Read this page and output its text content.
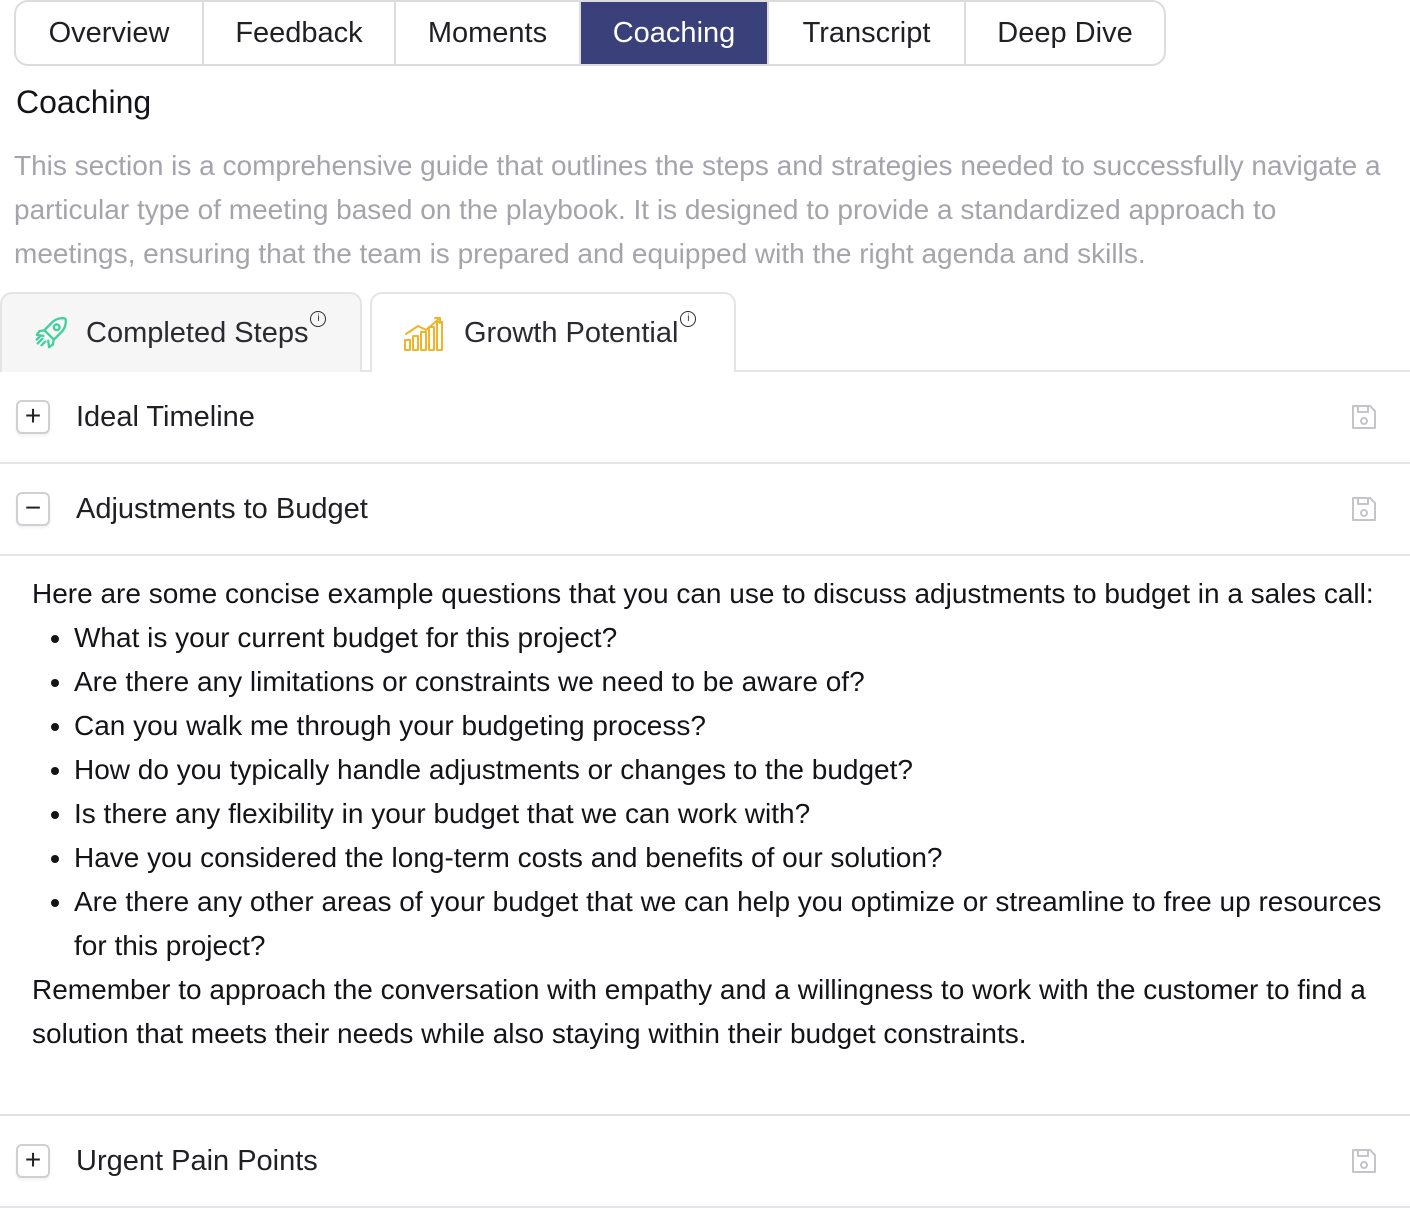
Overview	Feedback	Moments	Coaching	Transcript	Deep Dive
Coaching

This section is a comprehensive guide that outlines the steps and strategies needed to successfully navigate a particular type of meeting based on the playbook. It is designed to provide a standardized approach to meetings, ensuring that the team is prepared and equipped with the right agenda and skills.

Completed Steps i	Growth Potential i
+ Ideal Timeline
− Adjustments to Budget

Here are some concise example questions that you can use to discuss adjustments to budget in a sales call:

• What is your current budget for this project?
• Are there any limitations or constraints we need to be aware of?
• Can you walk me through your budgeting process?
• How do you typically handle adjustments or changes to the budget?
• Is there any flexibility in your budget that we can work with?
• Have you considered the long-term costs and benefits of our solution?
• Are there any other areas of your budget that we can help you optimize or streamline to free up resources for this project?

Remember to approach the conversation with empathy and a willingness to work with the customer to find a solution that meets their needs while also staying within their budget constraints.

+ Urgent Pain Points
